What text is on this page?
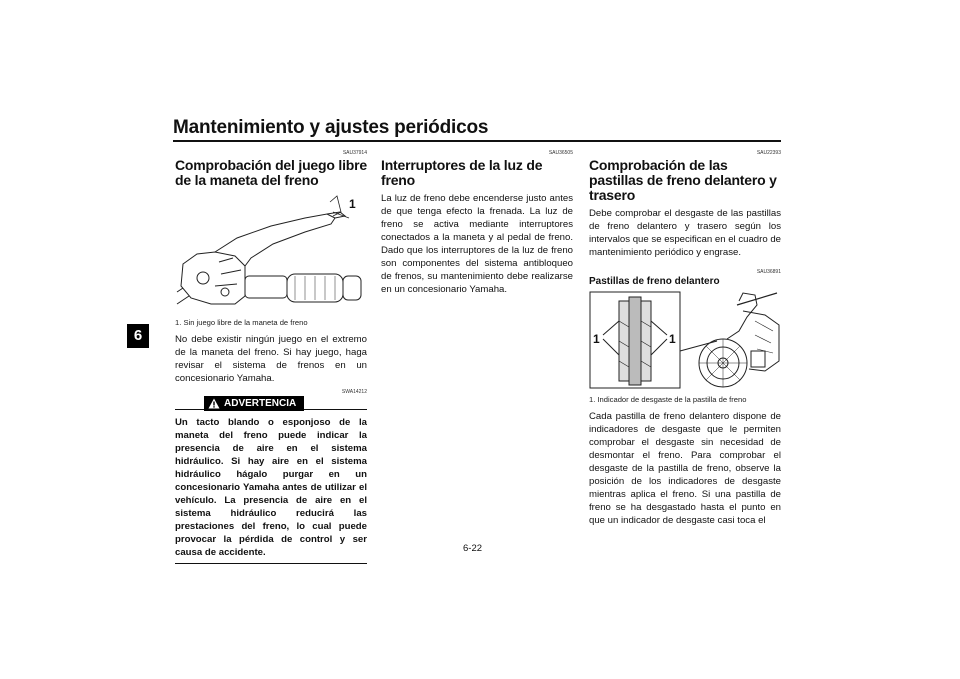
Mantenimiento y ajustes periódicos
6
SAU37914
Comprobación del juego libre de la maneta del freno
1
1. Sin juego libre de la maneta de freno

No debe existir ningún juego en el extremo de la maneta del freno. Si hay juego, haga revisar el sistema de frenos en un concesionario Yamaha.

SWA14212
ADVERTENCIA

Un tacto blando o esponjoso de la maneta del freno puede indicar la presencia de aire en el sistema hidráulico. Si hay aire en el sistema hidráulico hágalo purgar en un concesionario Yamaha antes de utilizar el vehículo. La presencia de aire en el sistema hidráulico reducirá las prestaciones del freno, lo cual puede provocar la pérdida de control y ser causa de accidente.

SAU36505
Interruptores de la luz de freno

La luz de freno debe encenderse justo antes de que tenga efecto la frenada. La luz de freno se activa mediante interruptores conectados a la maneta y al pedal de freno. Dado que los interruptores de la luz de freno son componentes del sistema antibloqueo de frenos, su mantenimiento debe realizarse en un concesionario Yamaha.

SAU22393
Comprobación de las pastillas de freno delantero y trasero

Debe comprobar el desgaste de las pastillas de freno delantero y trasero según los intervalos que se especifican en el cuadro de mantenimiento periódico y engrase.

SAU36891
Pastillas de freno delantero
1	1
1. Indicador de desgaste de la pastilla de freno

Cada pastilla de freno delantero dispone de indicadores de desgaste que le permiten comprobar el desgaste sin necesidad de desmontar el freno. Para comprobar el desgaste de la pastilla de freno, observe la posición de los indicadores de desgaste mientras aplica el freno. Si una pastilla de freno se ha desgastado hasta el punto en que un indicador de desgaste casi toca el

6-22
